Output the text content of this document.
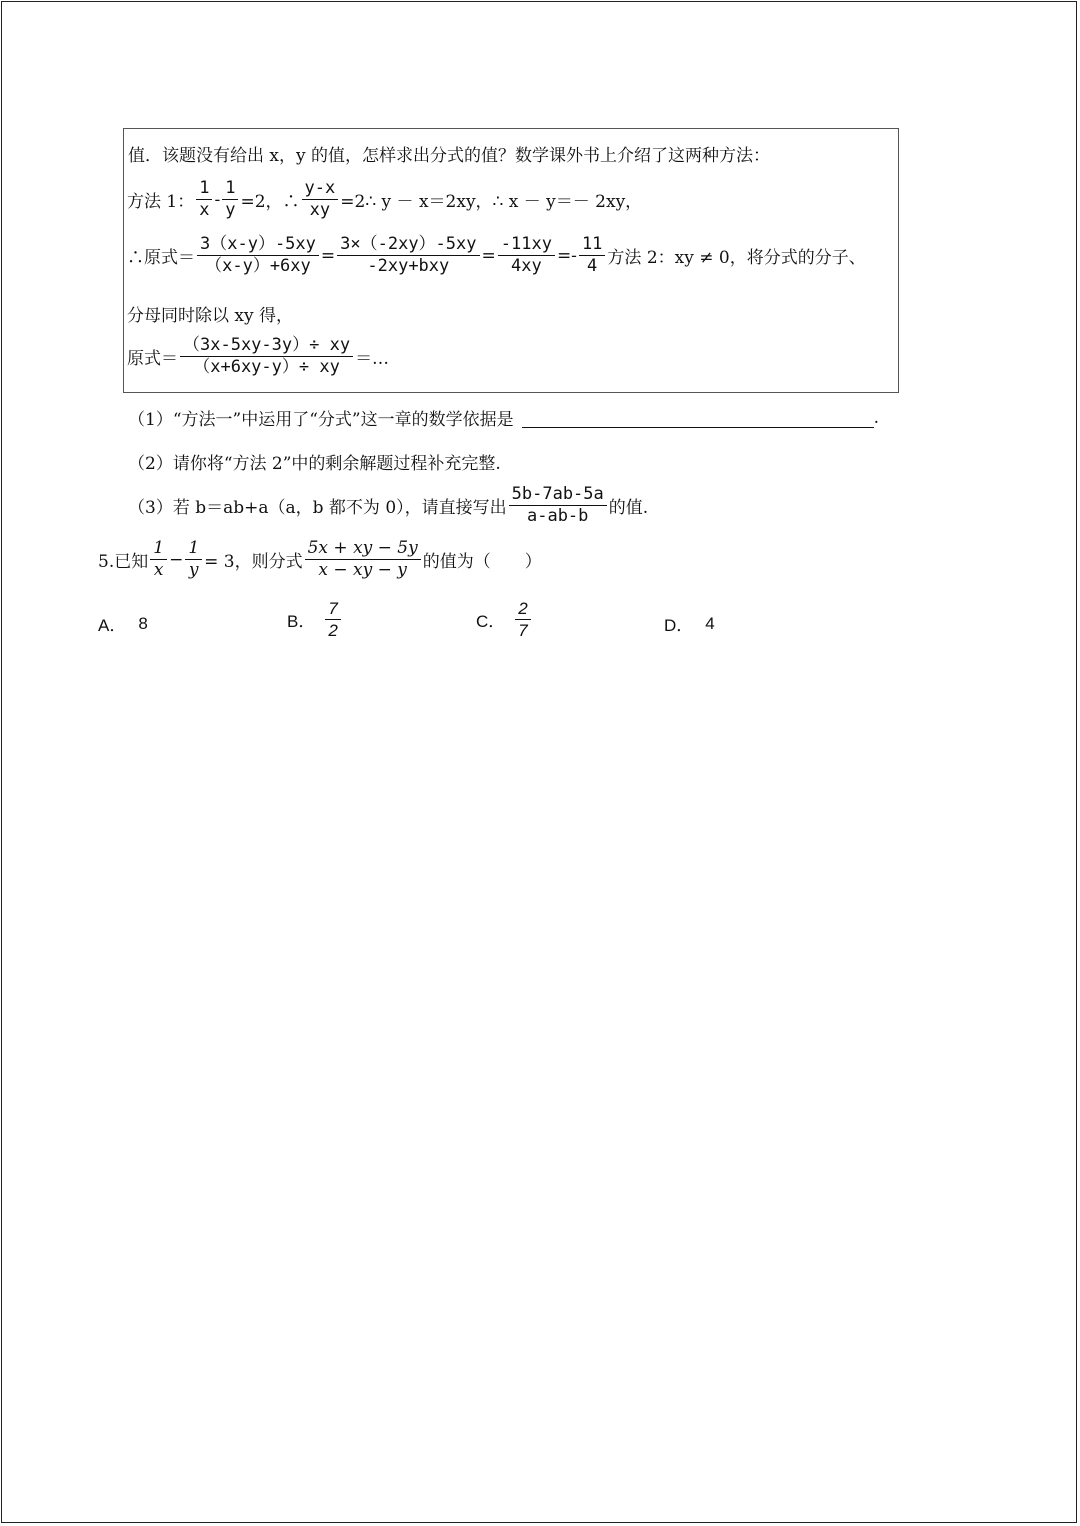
值．该题没有给出 x，y 的值，怎样求出分式的值？数学课外书上介绍了这两种方法：
方法 1： $\frac{1}{x} - \frac{1}{y} =2$，∴ $\frac{y-x}{xy}$ =2∴ y － x＝2xy，∴ x － y＝－ 2xy，
∴原式＝ $\frac{3(x-y)-5xy}{(x-y)+6xy} = \frac{3\times(-2xy)-5xy}{\text{-2xy+bxy}} = \frac{-11xy}{4xy} =- \frac{11}{4}$ 方法 2：xy ≠ 0，将分式的分子、
分母同时除以 xy 得，
原式＝ $\frac{(3x-5xy-3y)\div xy}{(x+6xy-y)\div xy}$ ＝…
（1）“方法一”中运用了“分式”这一章的数学依据是	.
（2）请你将“方法 2”中的剩余解题过程补充完整.
（3）若 b＝ab+a（a，b 都不为 0），请直接写出 $\frac{5b-7ab-5a}{a-ab-b}$ 的值.
5.已知 $\frac{1}{x} - \frac{1}{y} = 3$，则分式 $\frac{5x + xy - 5y}{x - xy - y}$ 的值为（　　）
A． 8	B． $\frac{7}{2}$	C． $\frac{2}{7}$	D． 4
